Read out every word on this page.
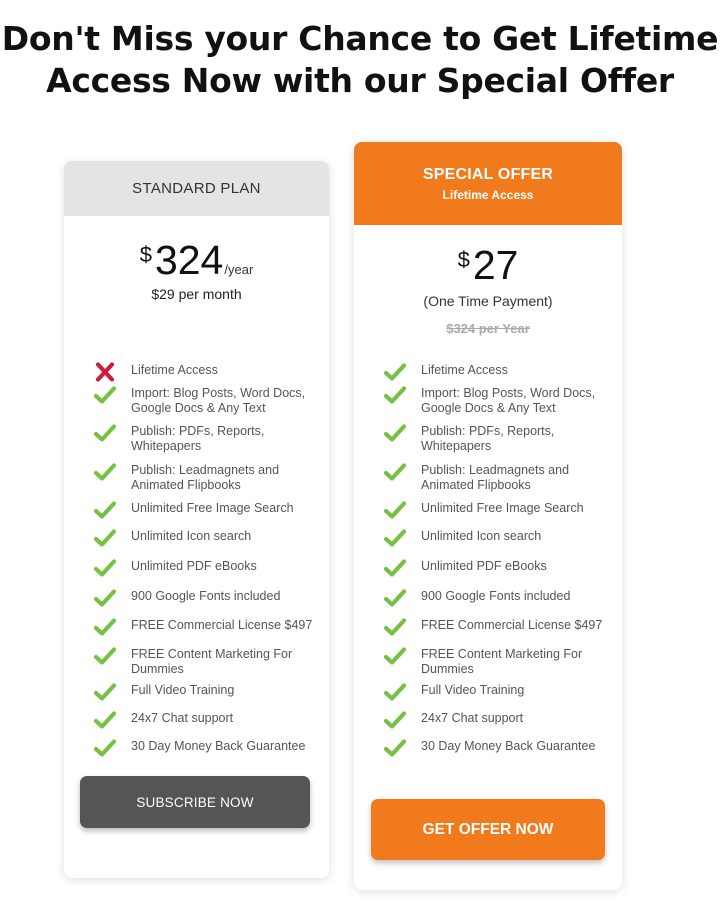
Don't Miss your Chance to Get Lifetime
Access Now with our Special Offer
STANDARD PLAN
$ 324 /year
$29 per month
Lifetime Access
Import: Blog Posts, Word Docs, Google Docs & Any Text
Publish: PDFs, Reports, Whitepapers
Publish: Leadmagnets and Animated Flipbooks
Unlimited Free Image Search
Unlimited Icon search
Unlimited PDF eBooks
900 Google Fonts included
FREE Commercial License $497
FREE Content Marketing For Dummies
Full Video Training
24x7 Chat support
30 Day Money Back Guarantee
SUBSCRIBE NOW
SPECIAL OFFER
Lifetime Access
$ 27
(One Time Payment)
$324 per Year
Lifetime Access
Import: Blog Posts, Word Docs, Google Docs & Any Text
Publish: PDFs, Reports, Whitepapers
Publish: Leadmagnets and Animated Flipbooks
Unlimited Free Image Search
Unlimited Icon search
Unlimited PDF eBooks
900 Google Fonts included
FREE Commercial License $497
FREE Content Marketing For Dummies
Full Video Training
24x7 Chat support
30 Day Money Back Guarantee
GET OFFER NOW
